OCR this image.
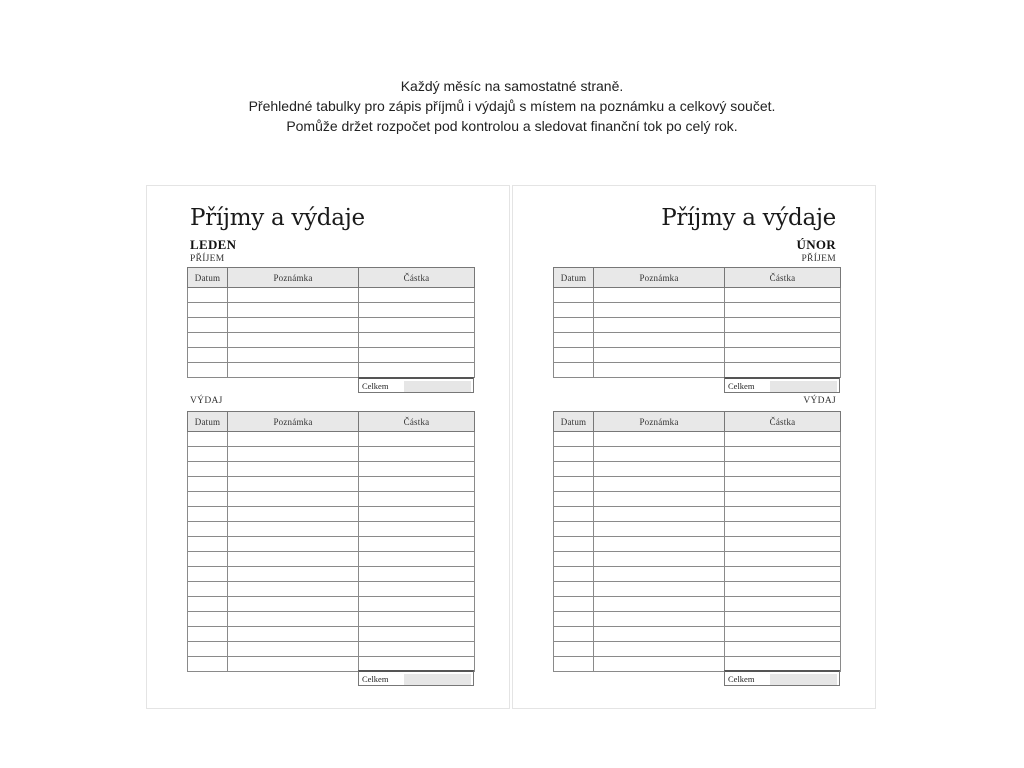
Každý měsíc na samostatné straně.
Přehledné tabulky pro zápis příjmů i výdajů s místem na poznámku a celkový součet.
Pomůže držet rozpočet pod kontrolou a sledovat finanční tok po celý rok.
Příjmy a výdaje
LEDEN
PŘÍJEM
Datum	Poznámka	Částka

Celkem
VÝDAJ
Datum	Poznámka	Částka

Celkem
Příjmy a výdaje
ÚNOR
PŘÍJEM
Datum	Poznámka	Částka

Celkem
VÝDAJ
Datum	Poznámka	Částka

Celkem
